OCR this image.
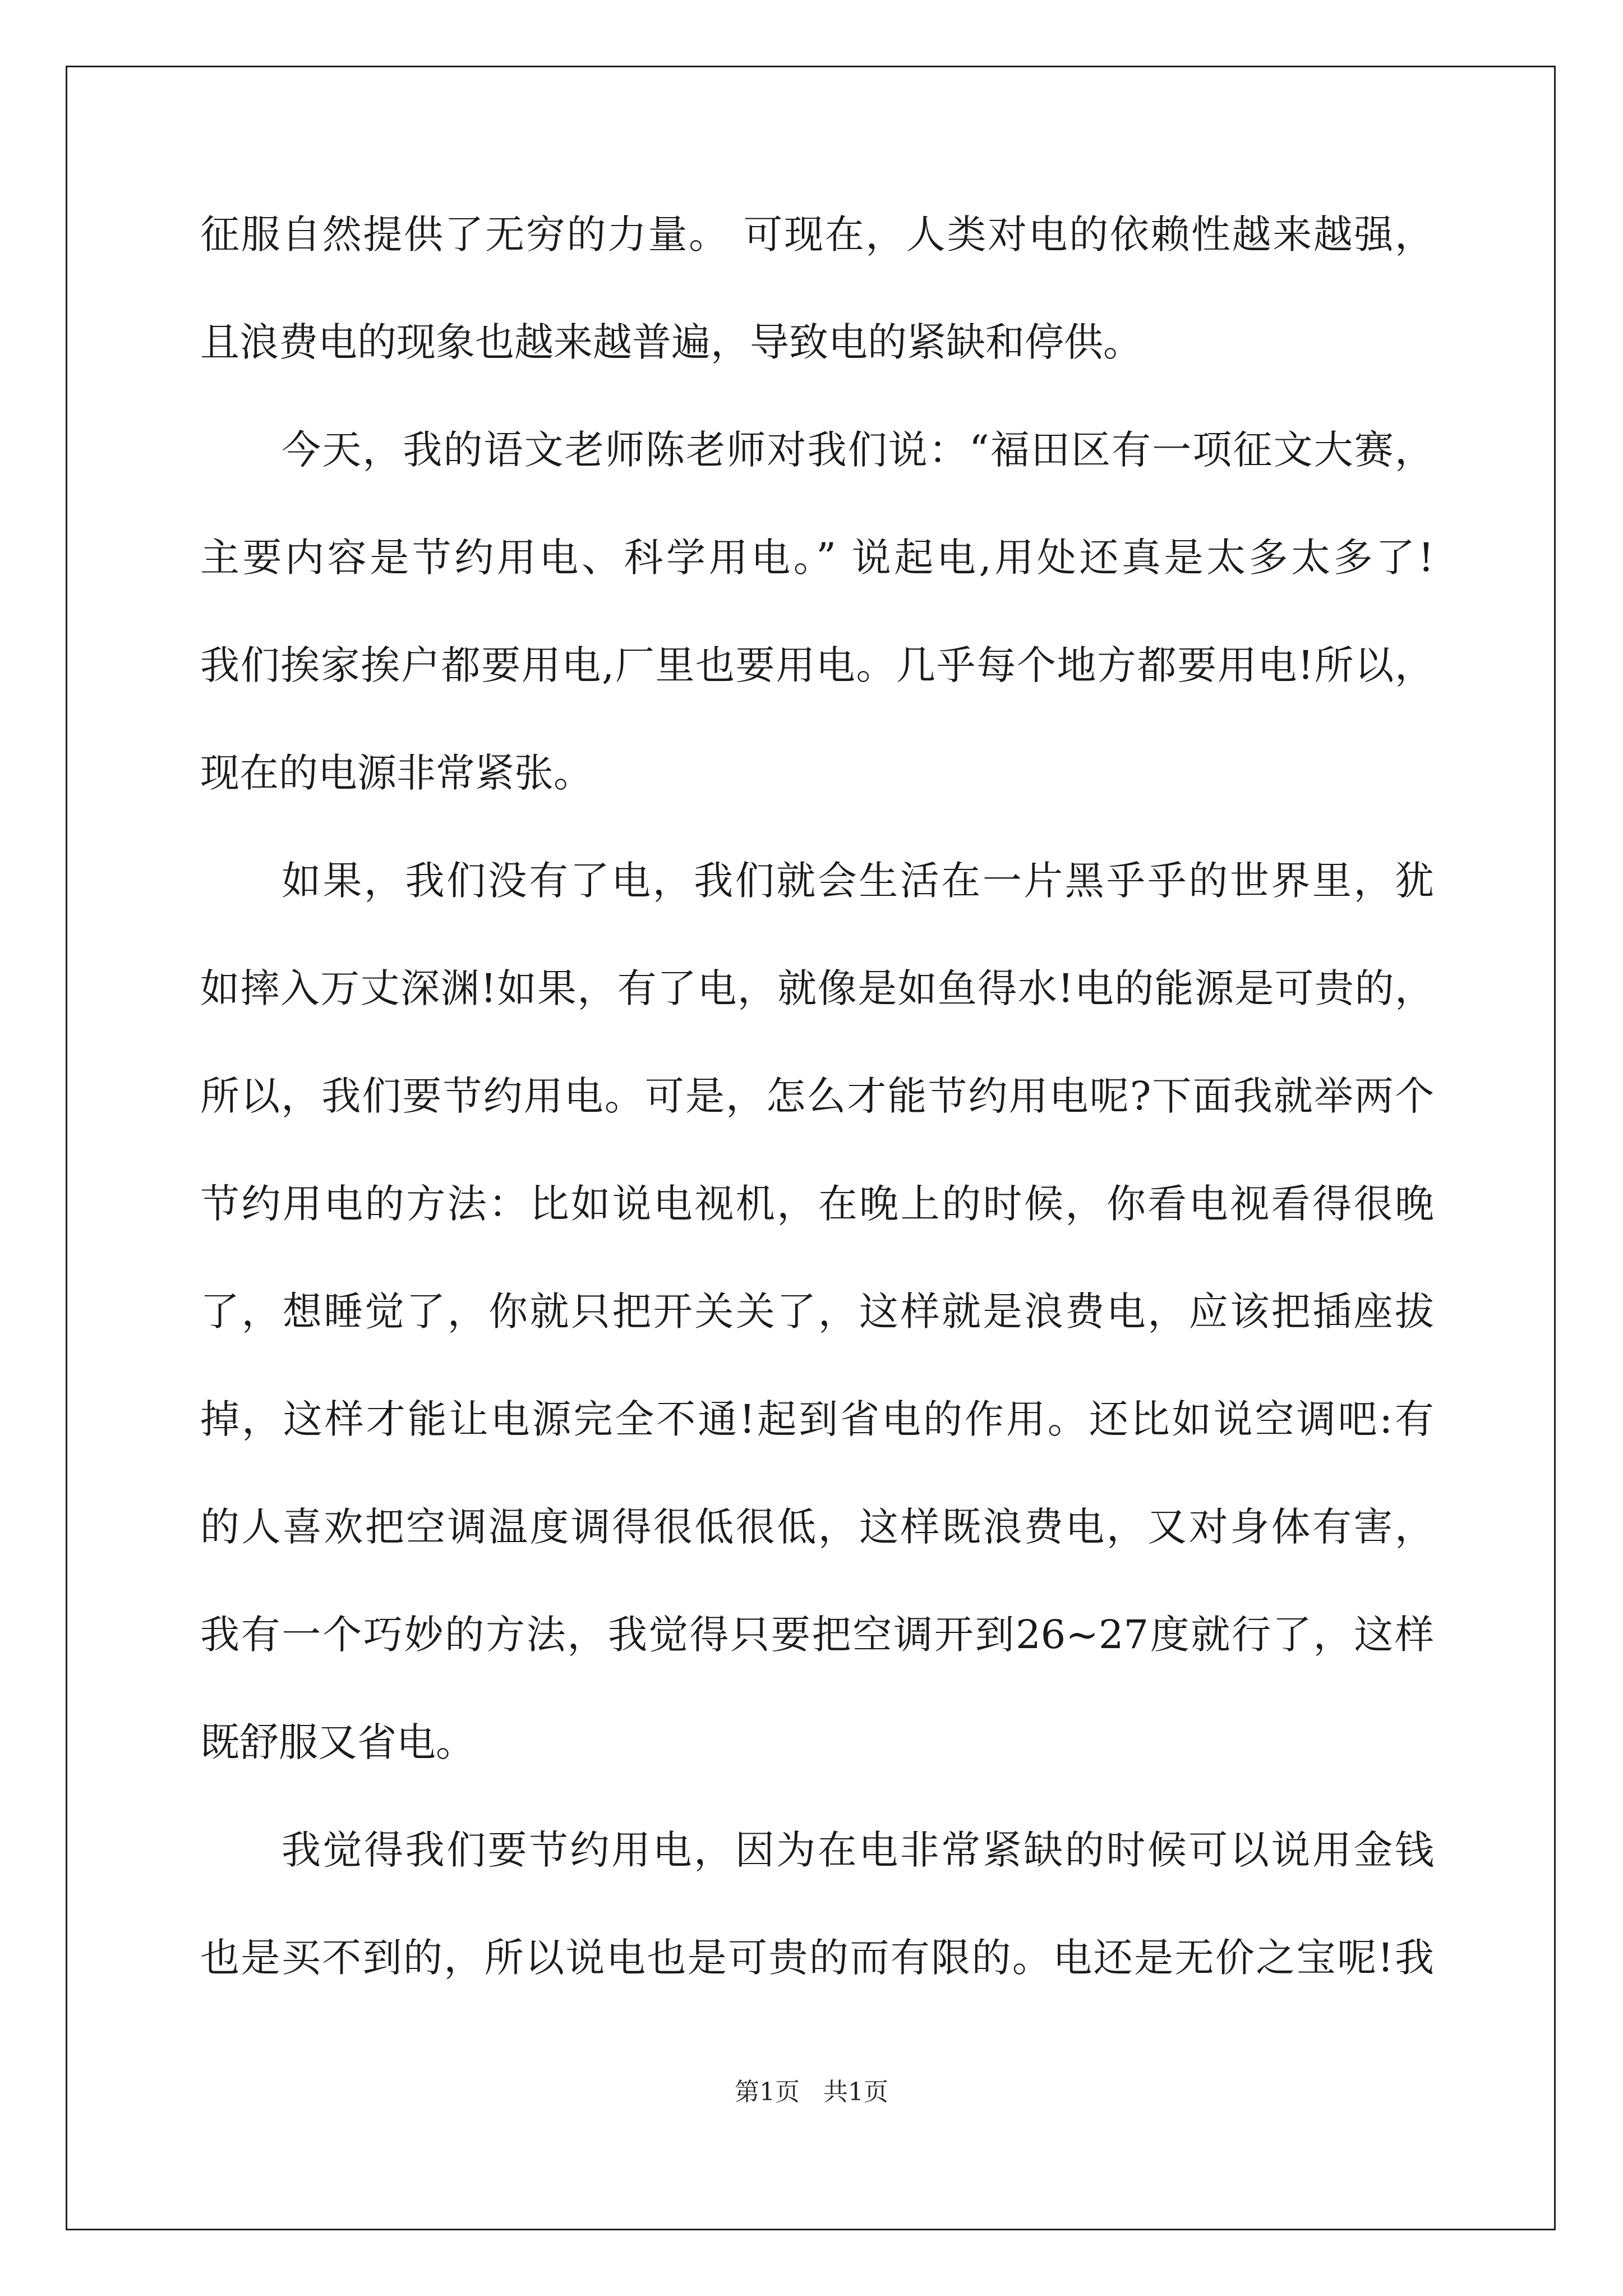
征服自然提供了无穷的力量。 可现在，人类对电的依赖性越来越强，
且浪费电的现象也越来越普遍，导致电的紧缺和停供。
今天，我的语文老师陈老师对我们说：“福田区有一项征文大赛，
主要内容是节约用电、科学用电。” 说起电,用处还真是太多太多了!
我们挨家挨户都要用电,厂里也要用电。几乎每个地方都要用电!所以，
现在的电源非常紧张。
如果，我们没有了电，我们就会生活在一片黑乎乎的世界里，犹
如摔入万丈深渊!如果，有了电，就像是如鱼得水!电的能源是可贵的，
所以，我们要节约用电。可是，怎么才能节约用电呢?下面我就举两个
节约用电的方法：比如说电视机，在晚上的时候，你看电视看得很晚
了，想睡觉了，你就只把开关关了，这样就是浪费电，应该把插座拔
掉，这样才能让电源完全不通!起到省电的作用。还比如说空调吧:有
的人喜欢把空调温度调得很低很低，这样既浪费电，又对身体有害，
我有一个巧妙的方法，我觉得只要把空调开到26~27度就行了，这样
既舒服又省电。
我觉得我们要节约用电，因为在电非常紧缺的时候可以说用金钱
也是买不到的，所以说电也是可贵的而有限的。电还是无价之宝呢!我
第1页 共1页
